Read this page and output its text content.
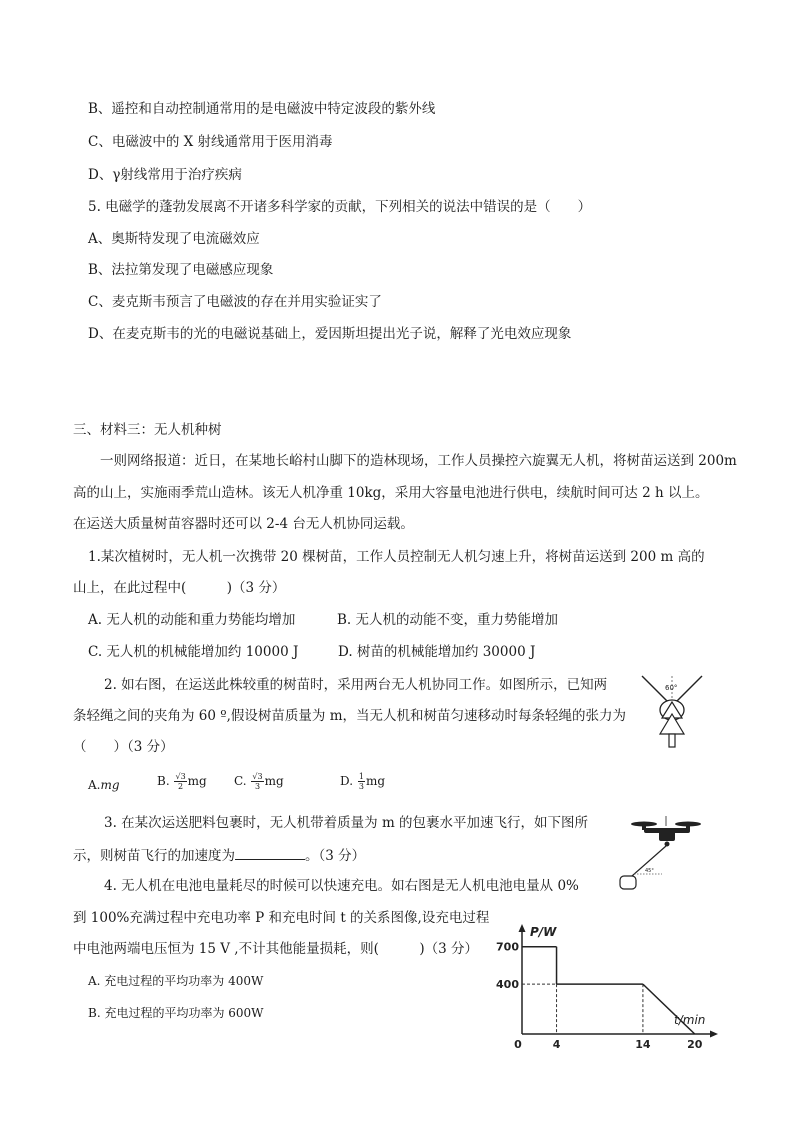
B、遥控和自动控制通常用的是电磁波中特定波段的紫外线
C、电磁波中的 X 射线通常用于医用消毒
D、γ射线常用于治疗疾病
5. 电磁学的蓬勃发展离不开诸多科学家的贡献，下列相关的说法中错误的是（　　）
A、奥斯特发现了电流磁效应
B、法拉第发现了电磁感应现象
C、麦克斯韦预言了电磁波的存在并用实验证实了
D、在麦克斯韦的光的电磁说基础上，爱因斯坦提出光子说，解释了光电效应现象
三、材料三：无人机种树
一则网络报道：近日，在某地长峪村山脚下的造林现场，工作人员操控六旋翼无人机，将树苗运送到 200m
高的山上，实施雨季荒山造林。该无人机净重 10kg，采用大容量电池进行供电，续航时间可达 2 h 以上。
在运送大质量树苗容器时还可以 2-4 台无人机协同运载。
1.某次植树时，无人机一次携带 20 棵树苗，工作人员控制无人机匀速上升，将树苗运送到 200 m 高的
山上，在此过程中(　　　)（3 分）
A. 无人机的动能和重力势能均增加	B. 无人机的动能不变，重力势能增加
C. 无人机的机械能增加约 10000 J	D. 树苗的机械能增加约 30000 J
2. 如右图，在运送此株较重的树苗时，采用两台无人机协同工作。如图所示，已知两
条轻绳之间的夹角为 60 º,假设树苗质量为 m，当无人机和树苗匀速移动时每条轻绳的张力为
（　　）（3 分）
A.mg	B. $\frac{√3}{2}$ mg C. $\frac{√3}{3}$ mg	D. $\frac{1}{3}$ mg
60°
3. 在某次运送肥料包裹时，无人机带着质量为 m 的包裹水平加速飞行，如下图所
示，则树苗飞行的加速度为	。（3 分）
45°
4. 无人机在电池电量耗尽的时候可以快速充电。如右图是无人机电池电量从 0%
到 100%充满过程中充电功率 P 和充电时间 t 的关系图像,设充电过程
中电池两端电压恒为 15 V ,不计其他能量损耗，则(　　　)（3 分）
A. 充电过程的平均功率为 400W
B. 充电过程的平均功率为 600W
P/W
t/min
400
700
0	4	14	20
